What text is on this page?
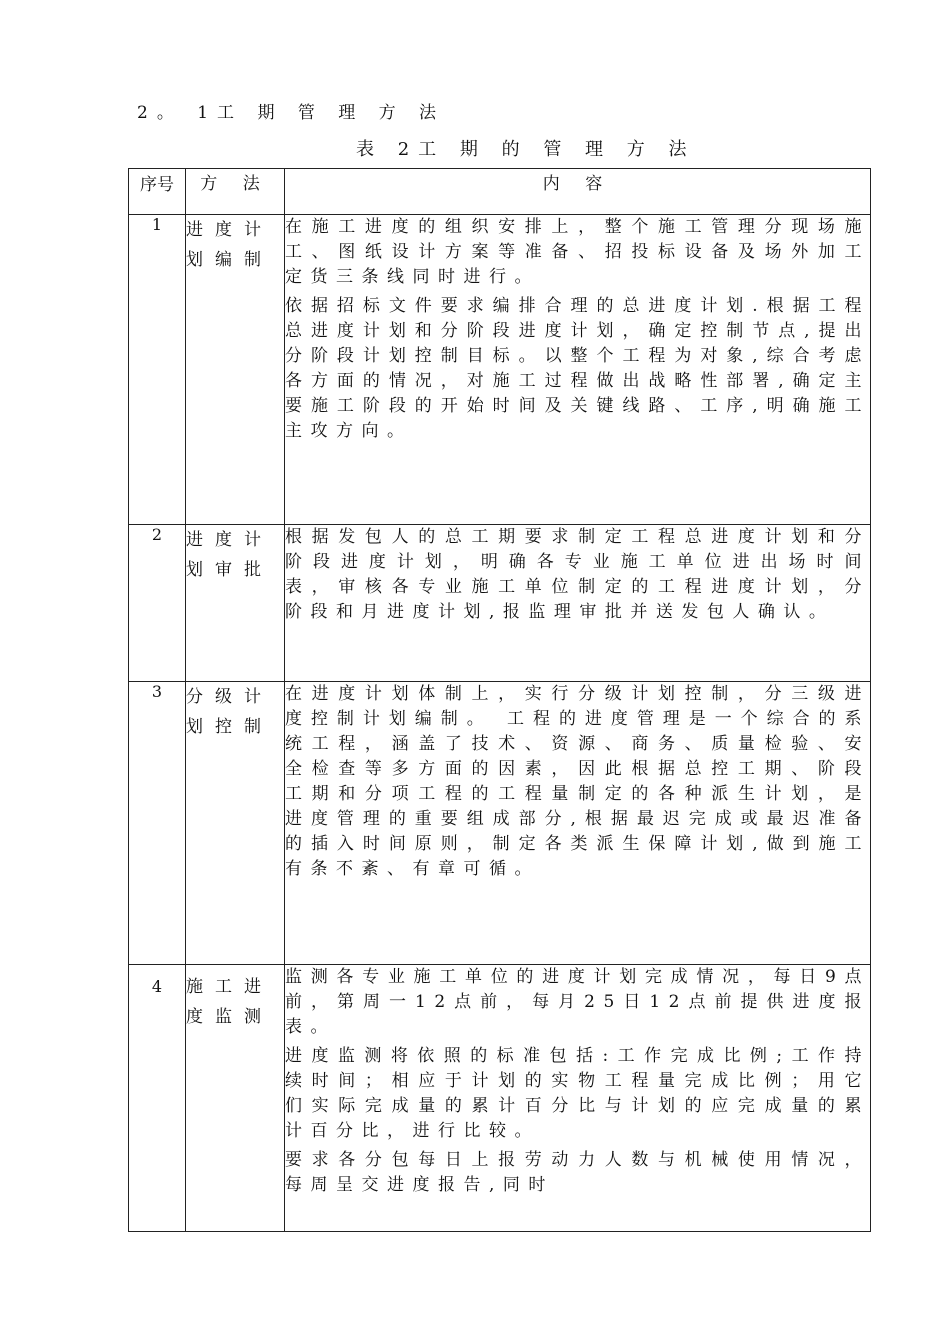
2。 1工 期 管 理 方 法
表 2工 期 的 管 理 方 法
序号	方 法	内 容
1	进度计划编制	在施工进度的组织安排上，整个施工管理分现场施工、图纸设计方案等准备、招投标设备及场外加工定货三条线同时进行。

依据招标文件要求编排合理的总进度计划.根据工程总进度计划和分阶段进度计划，确定控制节点,提出分阶段计划控制目标。以整个工程为对象,综合考虑各方面的情况，对施工过程做出战略性部署,确定主要施工阶段的开始时间及关键线路、工序,明确施工主攻方向。

2	进度计划审批	根据发包人的总工期要求制定工程总进度计划和分阶段进度计划，明确各专业施工单位进出场时间表，审核各专业施工单位制定的工程进度计划，分阶段和月进度计划,报监理审批并送发包人确认。

3	分级计划控制	在进度计划体制上，实行分级计划控制，分三级进度控制计划编制。 工程的进度管理是一个综合的系统工程，涵盖了技术、资源、商务、质量检验、安全检查等多方面的因素，因此根据总控工期、阶段工期和分项工程的工程量制定的各种派生计划，是进度管理的重要组成部分,根据最迟完成或最迟准备的插入时间原则，制定各类派生保障计划,做到施工有条不紊、有章可循。

4	施工进度监测	监测各专业施工单位的进度计划完成情况，每日9点前，第周一12点前，每月25日12点前提供进度报表。

进度监测将依照的标准包括:工作完成比例;工作持续时间；相应于计划的实物工程量完成比例；用它们实际完成量的累计百分比与计划的应完成量的累计百分比，进行比较。

要求各分包每日上报劳动力人数与机械使用情况，每周呈交进度报告,同时
